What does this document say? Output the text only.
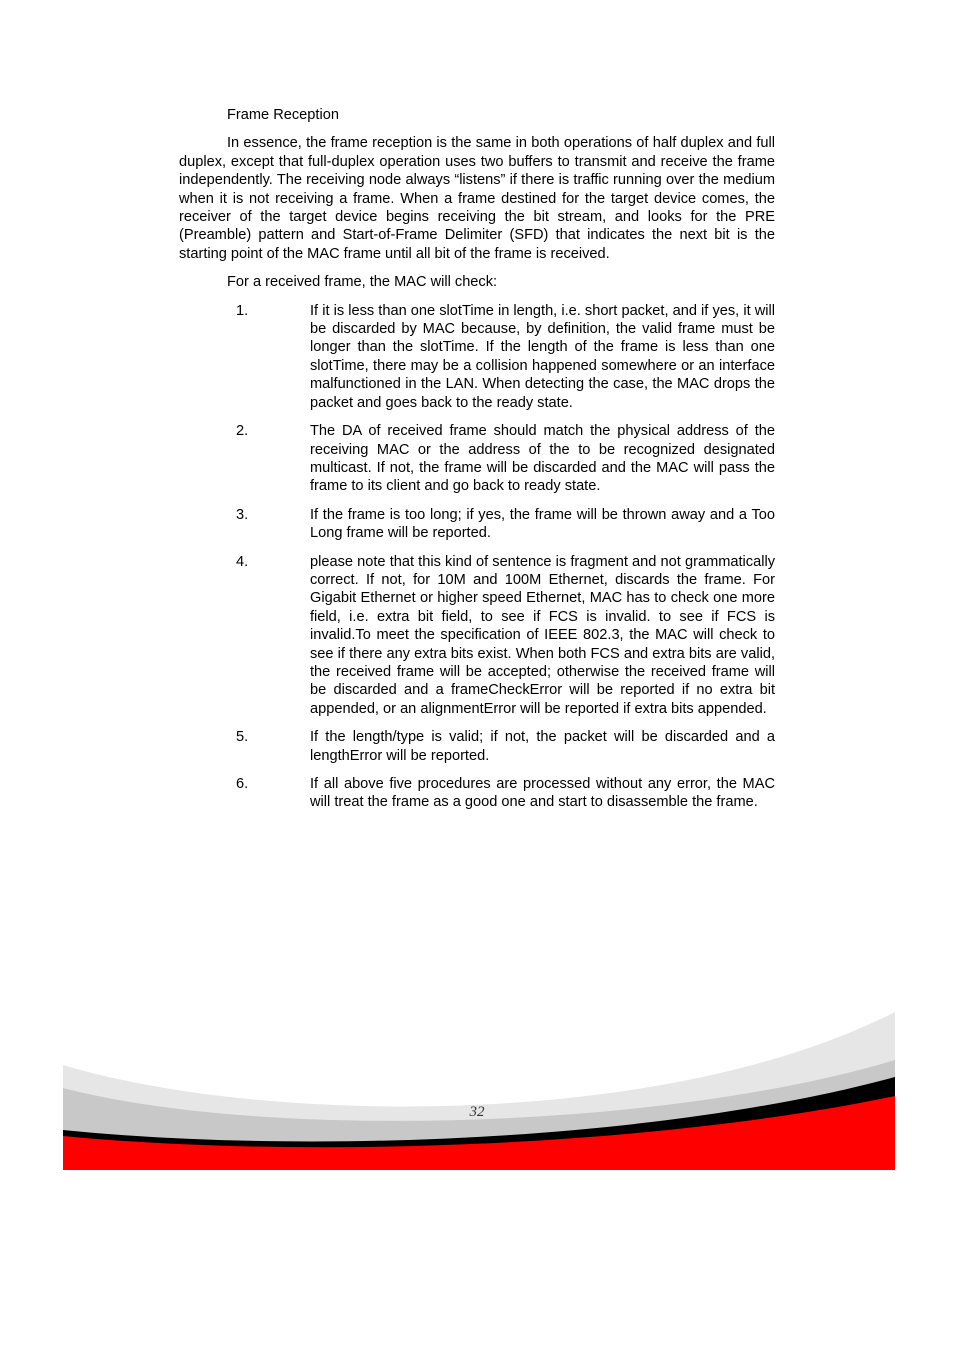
Frame Reception
In essence, the frame reception is the same in both operations of half duplex and full duplex, except that full-duplex operation uses two buffers to transmit and receive the frame independently. The receiving node always “listens” if there is traffic running over the medium when it is not receiving a frame. When a frame destined for the target device comes, the receiver of the target device begins receiving the bit stream, and looks for the PRE (Preamble) pattern and Start-of-Frame Delimiter (SFD) that indicates the next bit is the starting point of the MAC frame until all bit of the frame is received.
For a received frame, the MAC will check:
1.	If it is less than one slotTime in length, i.e. short packet, and if yes, it will be discarded by MAC because, by definition, the valid frame must be longer than the slotTime. If the length of the frame is less than one slotTime, there may be a collision happened somewhere or an interface malfunctioned in the LAN. When detecting the case, the MAC drops the packet and goes back to the ready state.
2.	The DA of received frame should match the physical address of the receiving MAC or the address of the to be recognized designated multicast. If not, the frame will be discarded and the MAC will pass the frame to its client and go back to ready state.
3.	If the frame is too long; if yes, the frame will be thrown away and a Too Long frame will be reported.
4.	please note that this kind of sentence is fragment and not grammatically correct. If not, for 10M and 100M Ethernet, discards the frame. For Gigabit Ethernet or higher speed Ethernet, MAC has to check one more field, i.e. extra bit field, to see if FCS is invalid. to see if FCS is invalid.To meet the specification of IEEE 802.3, the MAC will check to see if there any extra bits exist. When both FCS and extra bits are valid, the received frame will be accepted; otherwise the received frame will be discarded and a frameCheckError will be reported if no extra bit appended, or an alignmentError will be reported if extra bits appended.
5.	If the length/type is valid; if not, the packet will be discarded and a lengthError will be reported.
6.	If all above five procedures are processed without any error, the MAC will treat the frame as a good one and start to disassemble the frame.
32
